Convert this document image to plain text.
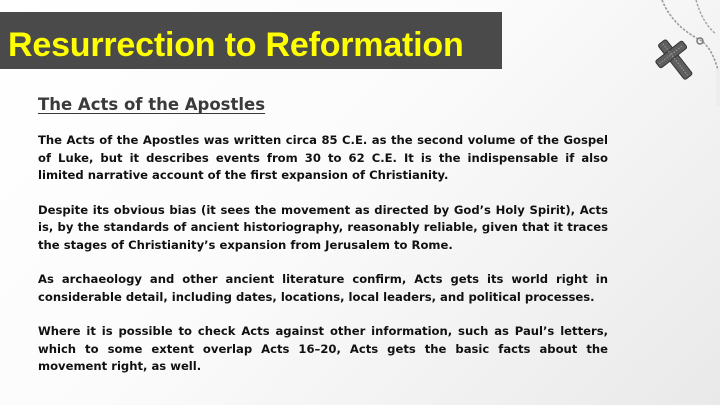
Resurrection to Reformation
The Acts of the Apostles

The Acts of the Apostles was written circa 85 C.E. as the second volume of the Gospel of Luke, but it describes events from 30 to 62 C.E. It is the indispensable if also limited narrative account of the first expansion of Christianity.

Despite its obvious bias (it sees the movement as directed by God’s Holy Spirit), Acts is, by the standards of ancient historiography, reasonably reliable, given that it traces the stages of Christianity’s expansion from Jerusalem to Rome.

As archaeology and other ancient literature confirm, Acts gets its world right in considerable detail, including dates, locations, local leaders, and political processes.

Where it is possible to check Acts against other information, such as Paul’s letters, which to some extent overlap Acts 16–20, Acts gets the basic facts about the movement right, as well.
